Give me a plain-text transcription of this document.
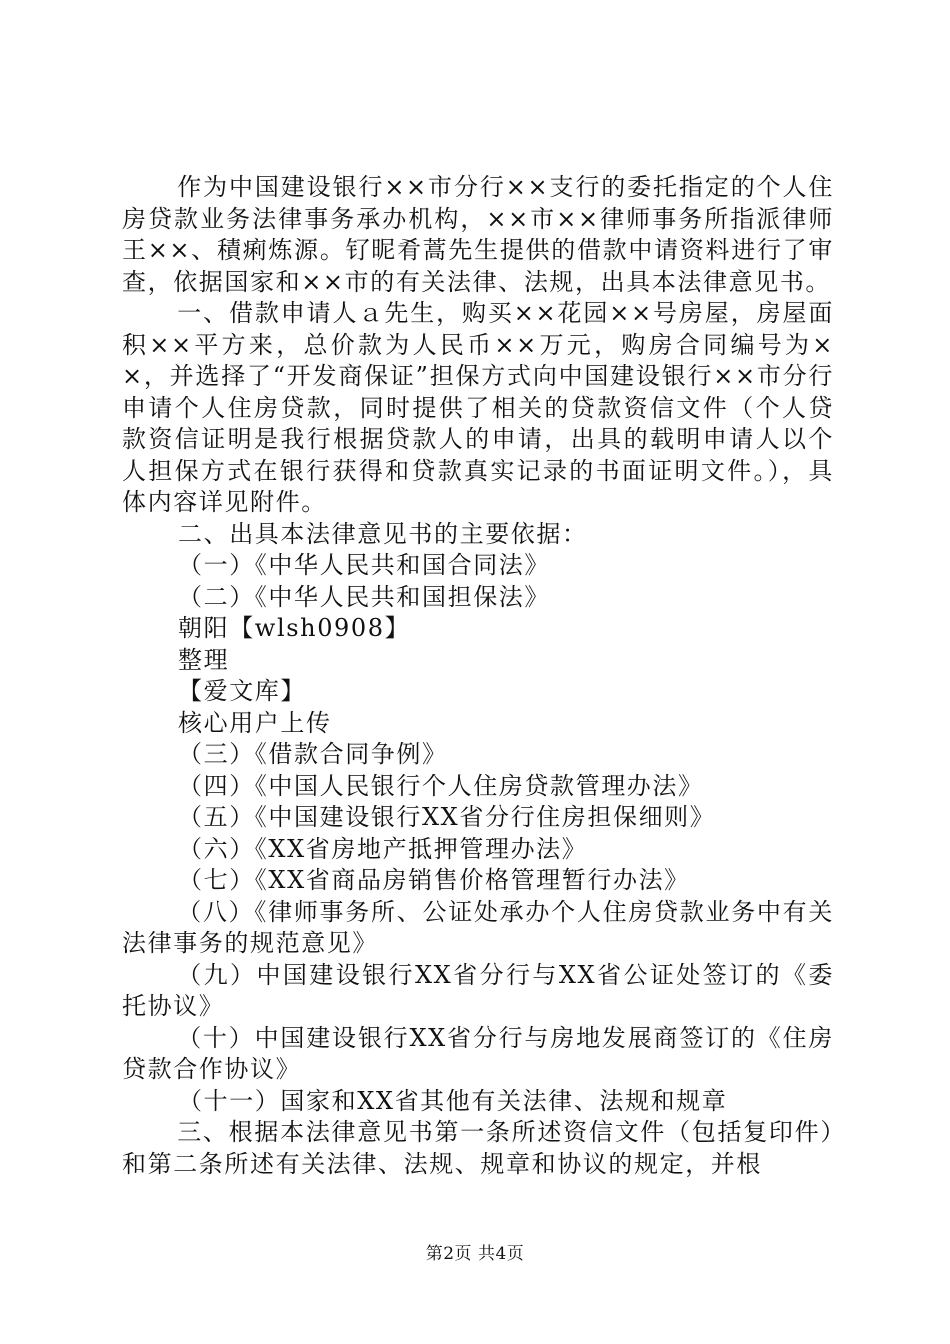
作为中国建设银行××市分行××支行的委托指定的个人住房贷款业务法律事务承办机构，××市××律师事务所指派律师王××、積痢炼源。钌昵肴蒿先生提供的借款中请资料进行了审查，依据国家和××市的有关法律、法规，出具本法律意见书。

一、借款申请人ａ先生，购买××花园××号房屋，房屋面积××平方来，总价款为人民币××万元，购房合同编号为××，并选择了“开发商保证”担保方式向中国建设银行××市分行申请个人住房贷款，同时提供了相关的贷款资信文件（个人贷款资信证明是我行根据贷款人的申请，出具的载明申请人以个人担保方式在银行获得和贷款真实记录的书面证明文件。），具体内容详见附件。

二、出具本法律意见书的主要依据：

（一）《中华人民共和国合同法》

（二）《中华人民共和国担保法》

朝阳【wlsh0908】

整理

【爱文库】

核心用户上传

（三）《借款合同争例》

（四）《中国人民银行个人住房贷款管理办法》

（五）《中国建设银行XX省分行住房担保细则》

（六）《XX省房地产抵押管理办法》

（七）《XX省商品房销售价格管理暂行办法》

（八）《律师事务所、公证处承办个人住房贷款业务中有关法律事务的规范意见》

（九）中国建设银行XX省分行与XX省公证处签订的《委托协议》

（十）中国建设银行XX省分行与房地发展商签订的《住房贷款合作协议》

（十一）国家和XX省其他有关法律、法规和规章

三、根据本法律意见书第一条所述资信文件（包括复印件）和第二条所述有关法律、法规、规章和协议的规定，并根

第2页 共4页
